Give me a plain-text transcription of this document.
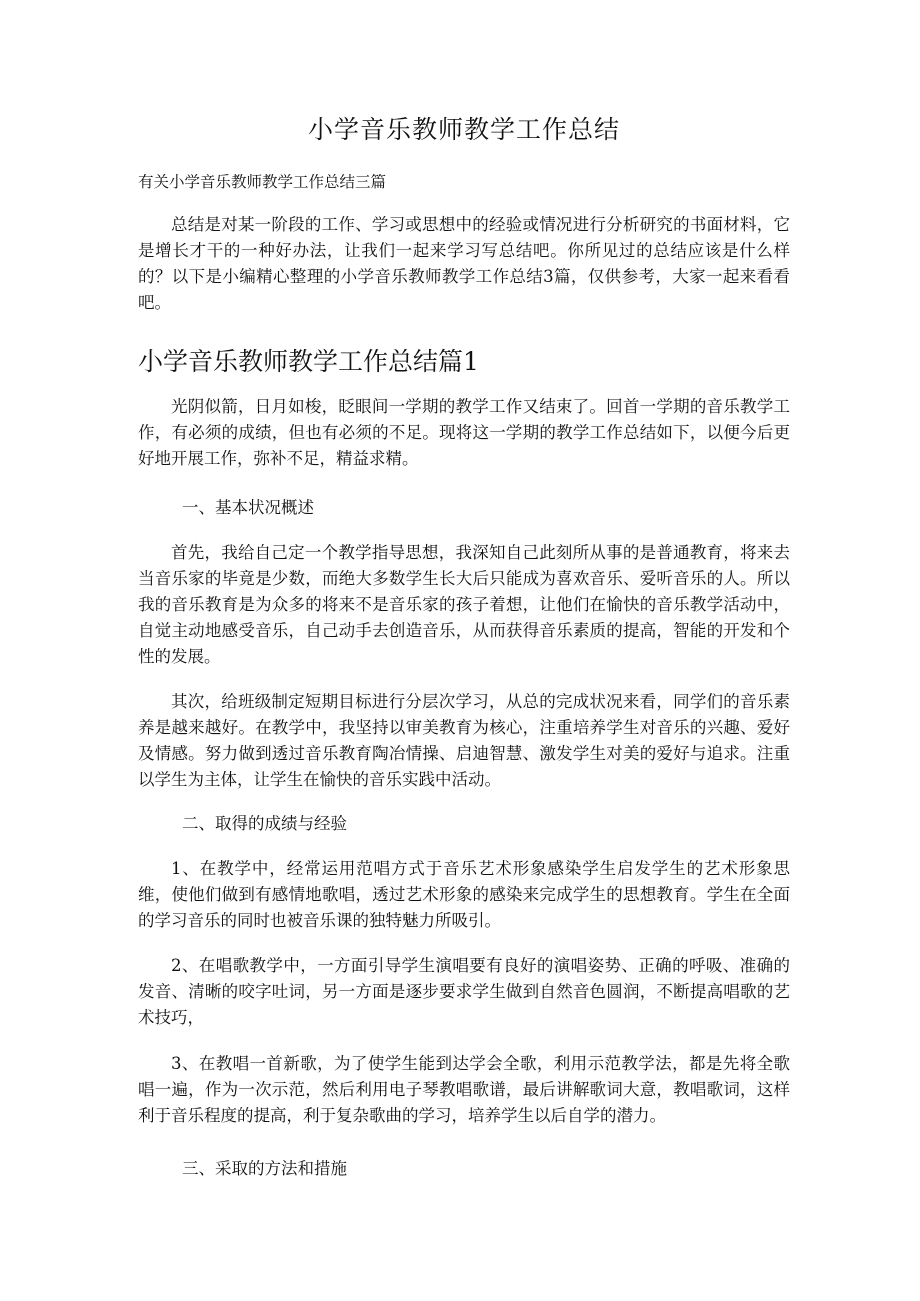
小学音乐教师教学工作总结

有关小学音乐教师教学工作总结三篇

总结是对某一阶段的工作、学习或思想中的经验或情况进行分析研究的书面材料，它是增长才干的一种好办法，让我们一起来学习写总结吧。你所见过的总结应该是什么样的？以下是小编精心整理的小学音乐教师教学工作总结3篇，仅供参考，大家一起来看看吧。

小学音乐教师教学工作总结篇1

光阴似箭，日月如梭，眨眼间一学期的教学工作又结束了。回首一学期的音乐教学工作，有必须的成绩，但也有必须的不足。现将这一学期的教学工作总结如下，以便今后更好地开展工作，弥补不足，精益求精。

一、基本状况概述

首先，我给自己定一个教学指导思想，我深知自己此刻所从事的是普通教育，将来去当音乐家的毕竟是少数，而绝大多数学生长大后只能成为喜欢音乐、爱听音乐的人。所以我的音乐教育是为众多的将来不是音乐家的孩子着想，让他们在愉快的音乐教学活动中，自觉主动地感受音乐，自己动手去创造音乐，从而获得音乐素质的提高，智能的开发和个性的发展。

其次，给班级制定短期目标进行分层次学习，从总的完成状况来看，同学们的音乐素养是越来越好。在教学中，我坚持以审美教育为核心，注重培养学生对音乐的兴趣、爱好及情感。努力做到透过音乐教育陶冶情操、启迪智慧、激发学生对美的爱好与追求。注重以学生为主体，让学生在愉快的音乐实践中活动。

二、取得的成绩与经验

1、在教学中，经常运用范唱方式于音乐艺术形象感染学生启发学生的艺术形象思维，使他们做到有感情地歌唱，透过艺术形象的感染来完成学生的思想教育。学生在全面的学习音乐的同时也被音乐课的独特魅力所吸引。

2、在唱歌教学中，一方面引导学生演唱要有良好的演唱姿势、正确的呼吸、准确的发音、清晰的咬字吐词，另一方面是逐步要求学生做到自然音色圆润，不断提高唱歌的艺术技巧，

3、在教唱一首新歌，为了使学生能到达学会全歌，利用示范教学法，都是先将全歌唱一遍，作为一次示范，然后利用电子琴教唱歌谱，最后讲解歌词大意，教唱歌词，这样利于音乐程度的提高，利于复杂歌曲的学习，培养学生以后自学的潜力。

三、采取的方法和措施
